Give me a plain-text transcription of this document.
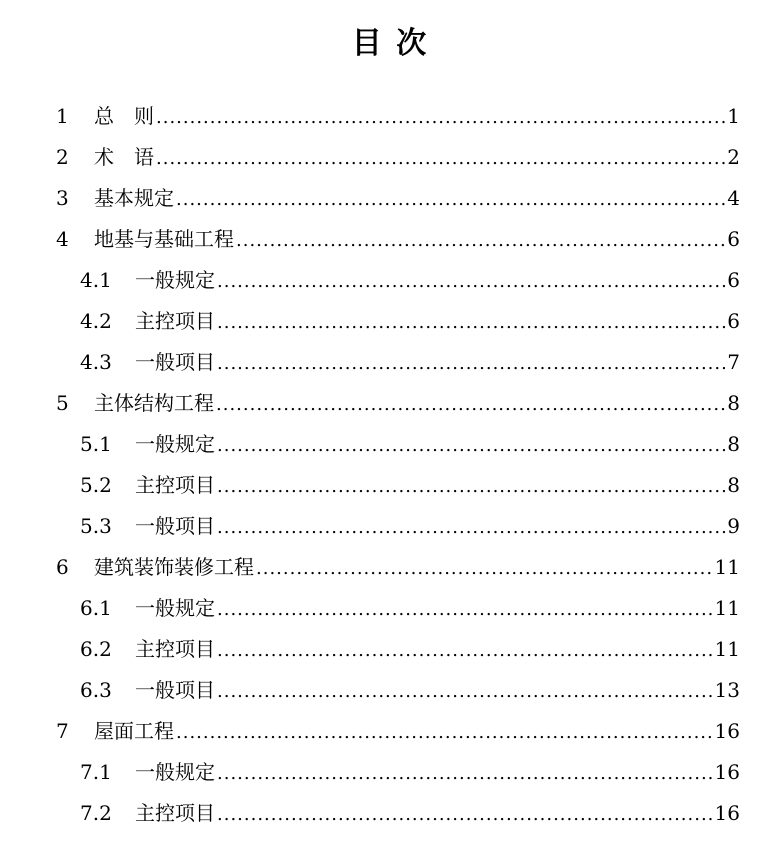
目 次
1	总　则 .....	1
2	术　语 .....	2
3	基本规定 .....	4
4	地基与基础工程 .....	6
4.1	一般规定 .....	6
4.2	主控项目 .....	6
4.3	一般项目 .....	7
5	主体结构工程 .....	8
5.1	一般规定 .....	8
5.2	主控项目 .....	8
5.3	一般项目 .....	9
6	建筑装饰装修工程 .....	11
6.1	一般规定 .....	11
6.2	主控项目 .....	11
6.3	一般项目 .....	13
7	屋面工程 .....	16
7.1	一般规定 .....	16
7.2	主控项目 .....	16
